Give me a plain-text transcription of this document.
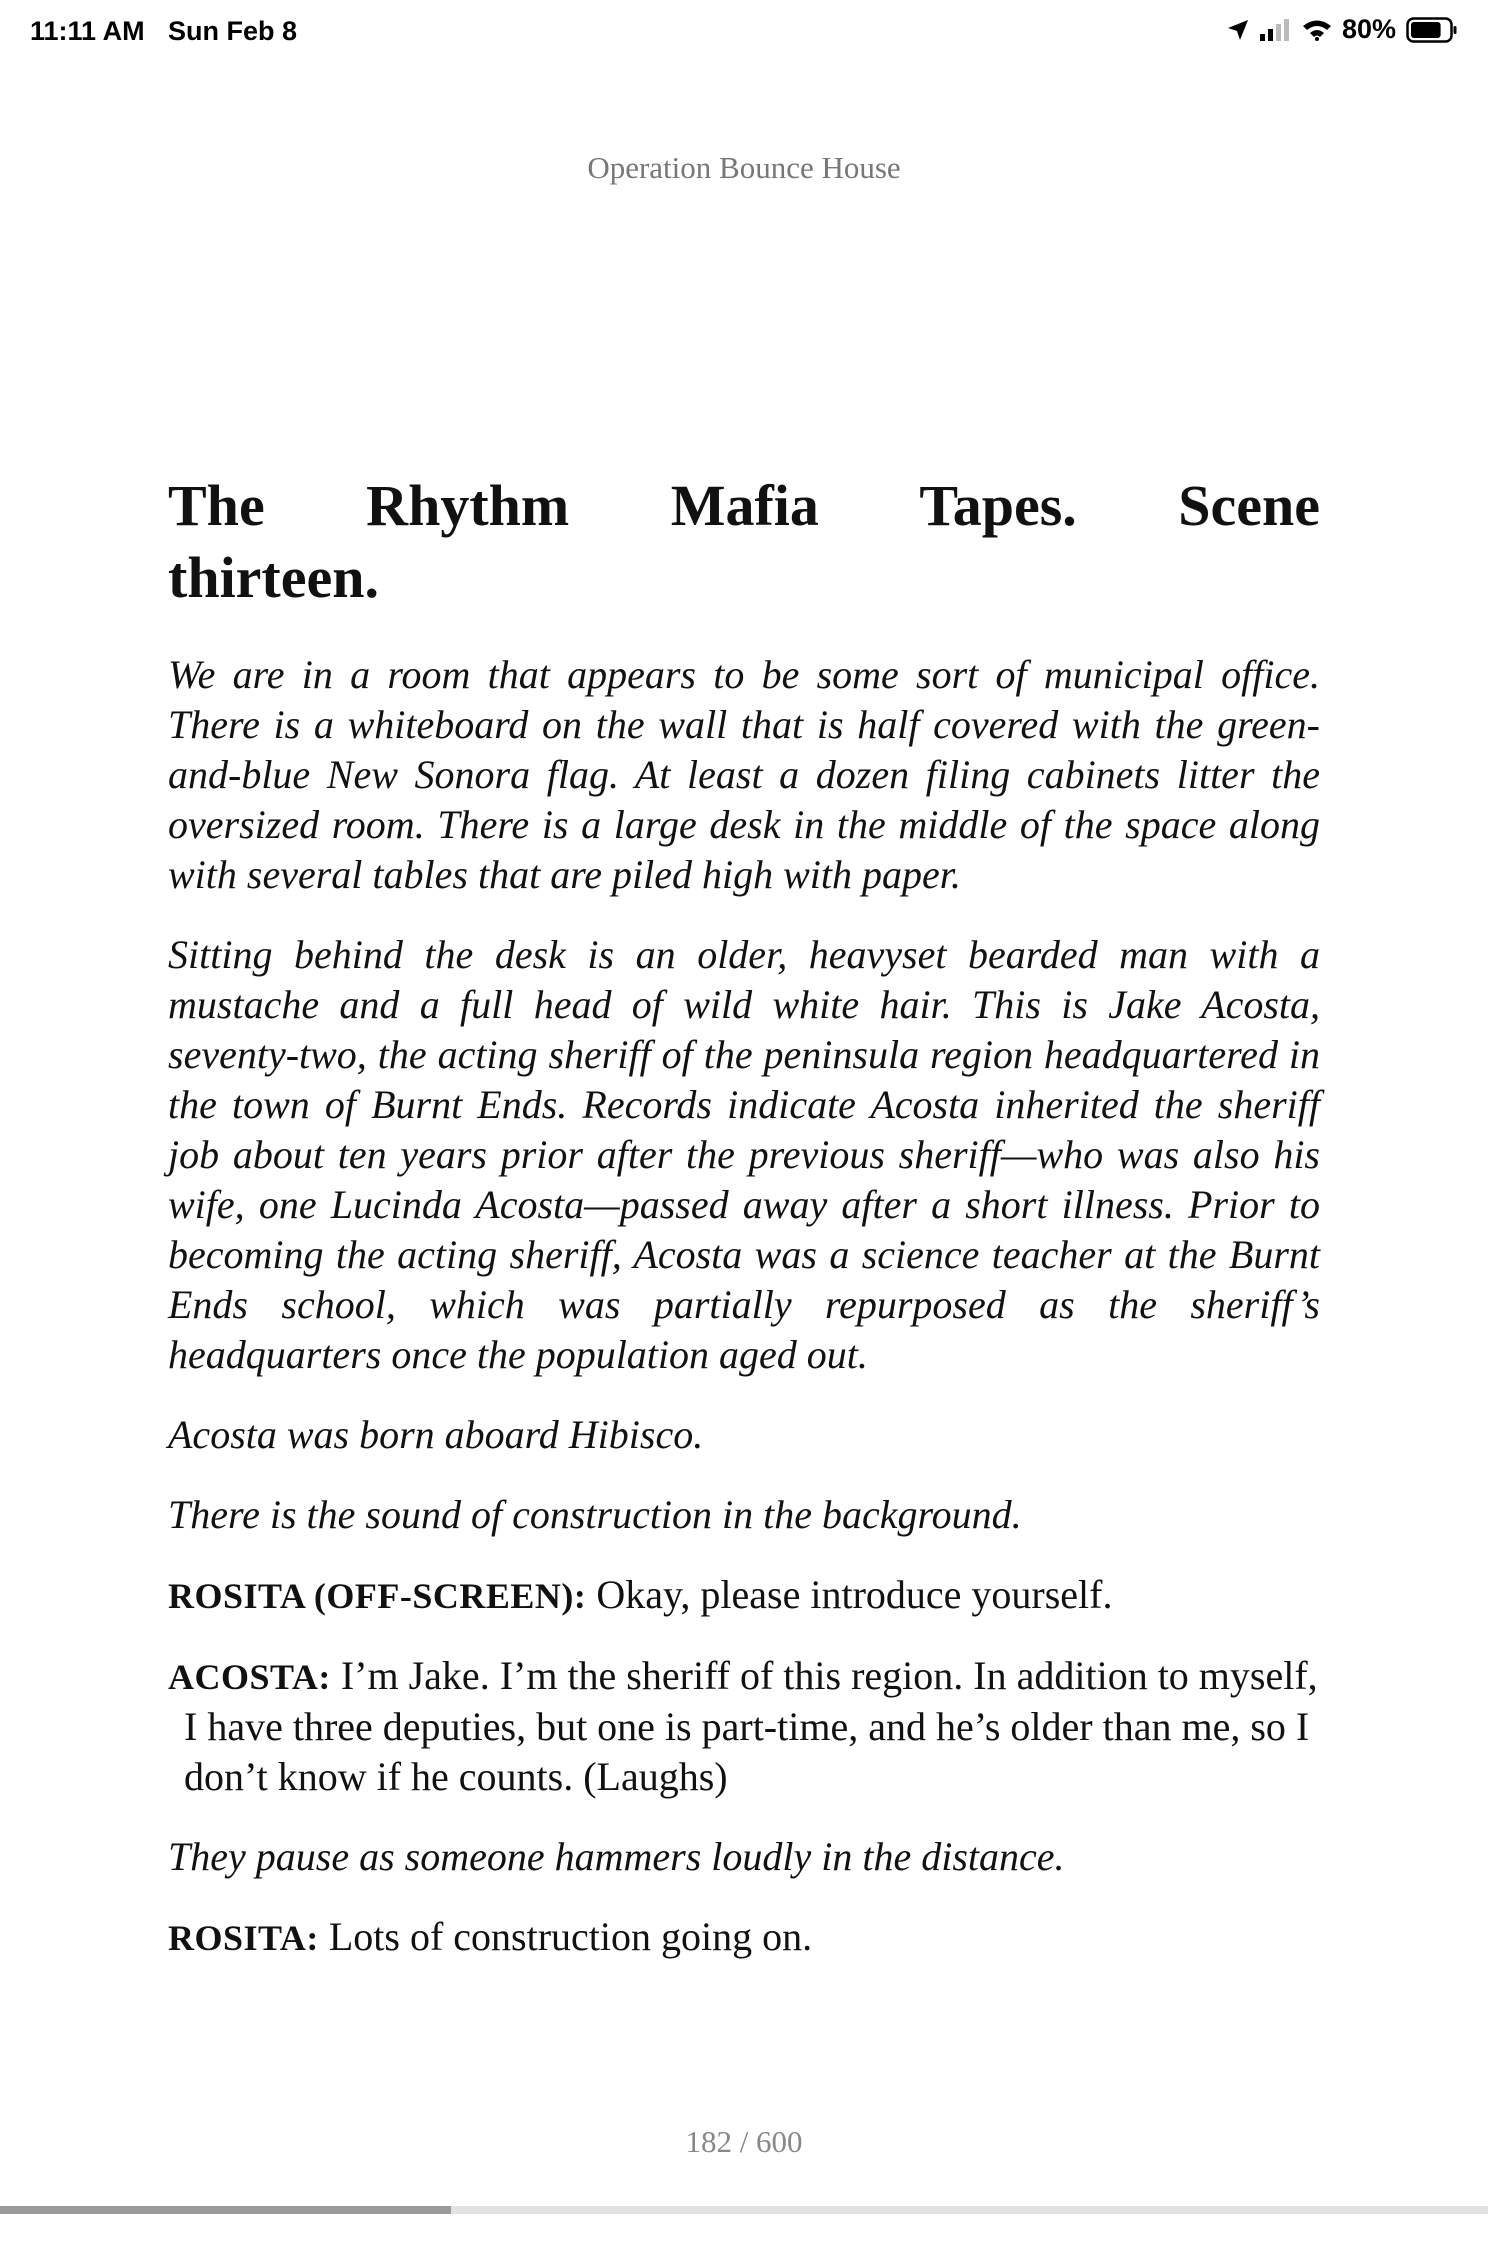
11:11 AM Sun Feb 8	80%
Operation Bounce House
The Rhythm Mafia Tapes. Scene
thirteen.

We are in a room that appears to be some sort of municipal office. There is a whiteboard on the wall that is half covered with the green-and-blue New Sonora flag. At least a dozen filing cabinets litter the oversized room. There is a large desk in the middle of the space along with several tables that are piled high with paper.

Sitting behind the desk is an older, heavyset bearded man with a mustache and a full head of wild white hair. This is Jake Acosta, seventy-two, the acting sheriff of the peninsula region headquartered in the town of Burnt Ends. Records indicate Acosta inherited the sheriff job about ten years prior after the previous sheriff—who was also his wife, one Lucinda Acosta—passed away after a short illness. Prior to becoming the acting sheriff, Acosta was a science teacher at the Burnt Ends school, which was partially repurposed as the sheriff’s headquarters once the population aged out.

Acosta was born aboard Hibisco.

There is the sound of construction in the background.

ROSITA (OFF-SCREEN): Okay, please introduce yourself.

ACOSTA: I’m Jake. I’m the sheriff of this region. In addition to myself, I have three deputies, but one is part-time, and he’s older than me, so I don’t know if he counts. (Laughs)

They pause as someone hammers loudly in the distance.

ROSITA: Lots of construction going on.

182 / 600
